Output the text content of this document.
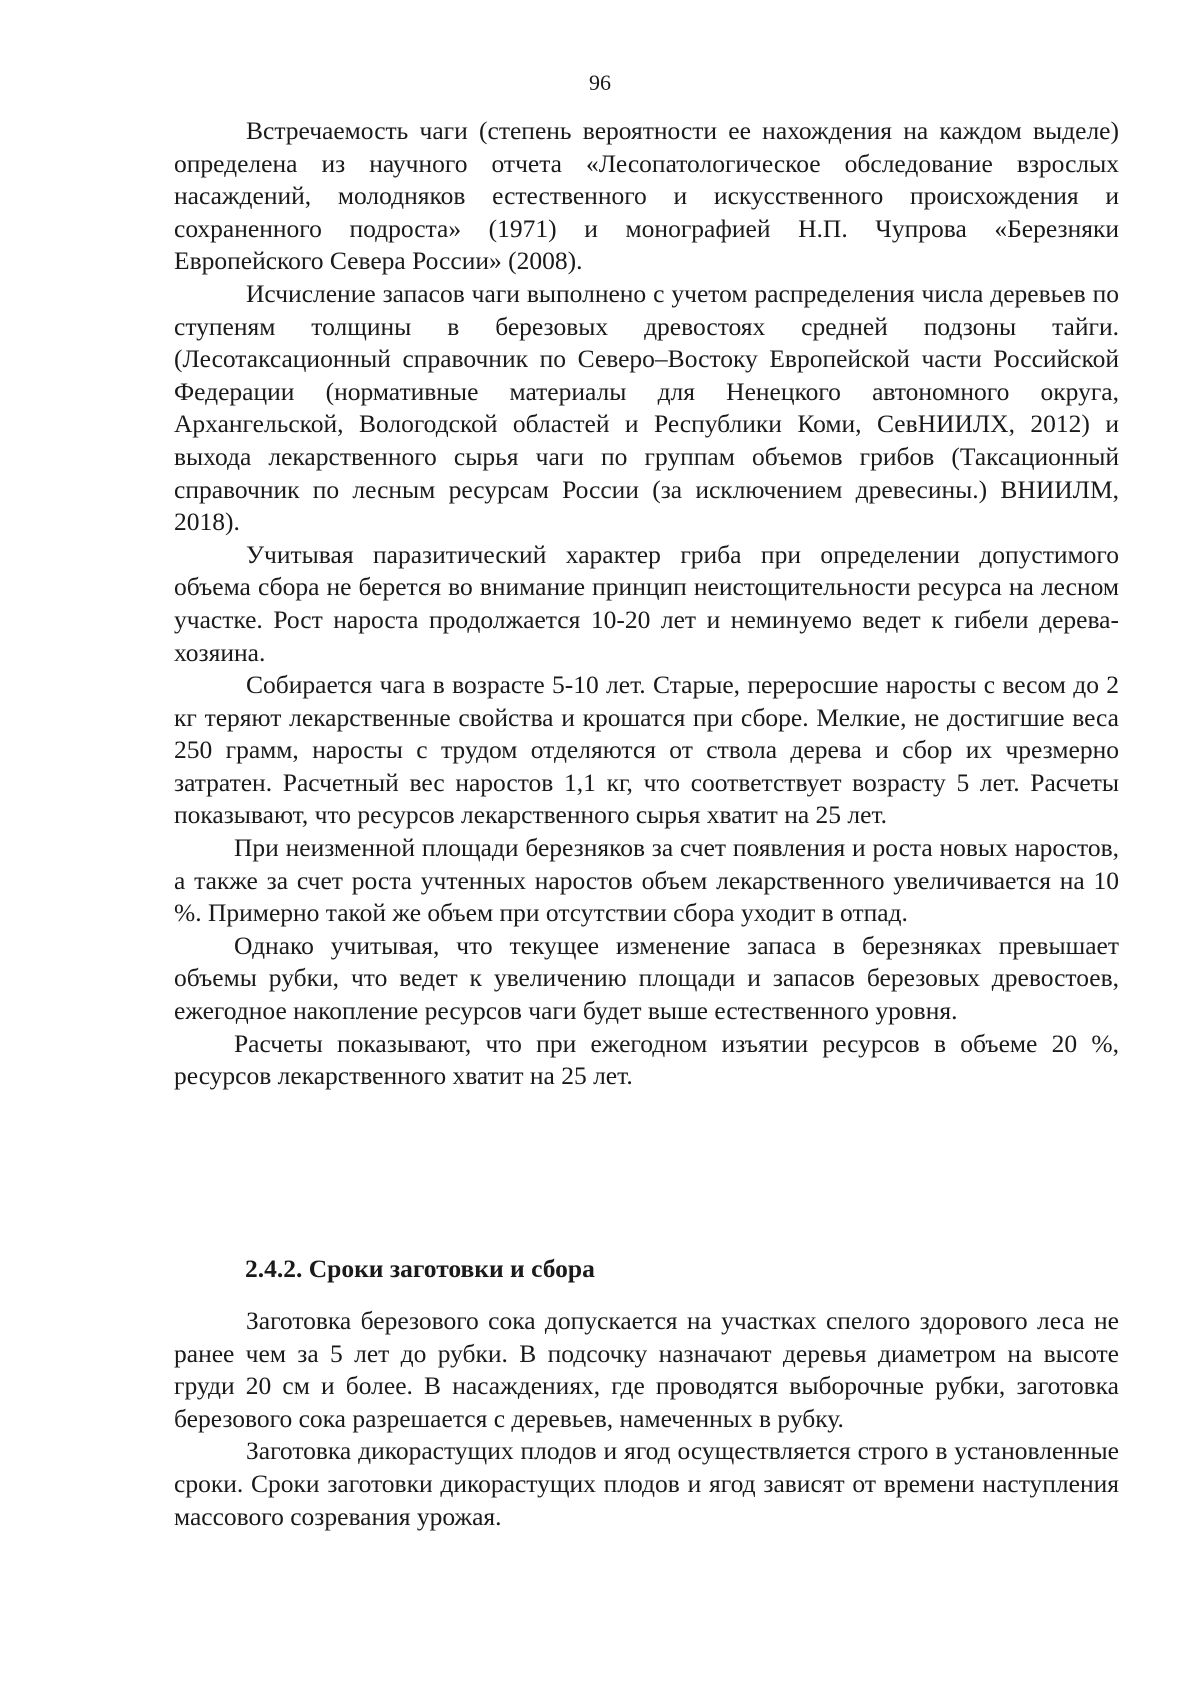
96

Встречаемость чаги (степень вероятности ее нахождения на каждом выделе) определена из научного отчета «Лесопатологическое обследование взрослых насаждений, молодняков естественного и искусственного происхождения и сохраненного подроста» (1971) и монографией Н.П. Чупрова «Березняки Европейского Севера России» (2008).

Исчисление запасов чаги выполнено с учетом распределения числа деревьев по ступеням толщины в березовых древостоях средней подзоны тайги. (Лесотаксационный справочник по Северо–Востоку Европейской части Российской Федерации (нормативные материалы для Ненецкого автономного округа, Архангельской, Вологодской областей и Республики Коми, СевНИИЛХ, 2012) и выхода лекарственного сырья чаги по группам объемов грибов (Таксационный справочник по лесным ресурсам России (за исключением древесины.) ВНИИЛМ, 2018).

Учитывая паразитический характер гриба при определении допустимого объема сбора не берется во внимание принцип неистощительности ресурса на лесном участке. Рост нароста продолжается 10-20 лет и неминуемо ведет к гибели дерева-хозяина.

Собирается чага в возрасте 5-10 лет. Старые, переросшие наросты с весом до 2 кг теряют лекарственные свойства и крошатся при сборе. Мелкие, не достигшие веса 250 грамм, наросты с трудом отделяются от ствола дерева и сбор их чрезмерно затратен. Расчетный вес наростов 1,1 кг, что соответствует возрасту 5 лет. Расчеты показывают, что ресурсов лекарственного сырья хватит на 25 лет.

При неизменной площади березняков за счет появления и роста новых наростов, а также за счет роста учтенных наростов объем лекарственного увеличивается на 10 %. Примерно такой же объем при отсутствии сбора уходит в отпад.

Однако учитывая, что текущее изменение запаса в березняках превышает объемы рубки, что ведет к увеличению площади и запасов березовых древостоев, ежегодное накопление ресурсов чаги будет выше естественного уровня.

Расчеты показывают, что при ежегодном изъятии ресурсов в объеме 20 %, ресурсов лекарственного хватит на 25 лет.

2.4.2. Сроки заготовки и сбора

Заготовка березового сока допускается на участках спелого здорового леса не ранее чем за 5 лет до рубки. В подсочку назначают деревья диаметром на высоте груди 20 см и более. В насаждениях, где проводятся выборочные рубки, заготовка березового сока разрешается с деревьев, намеченных в рубку.

Заготовка дикорастущих плодов и ягод осуществляется строго в установленные сроки. Сроки заготовки дикорастущих плодов и ягод зависят от времени наступления массового созревания урожая.
